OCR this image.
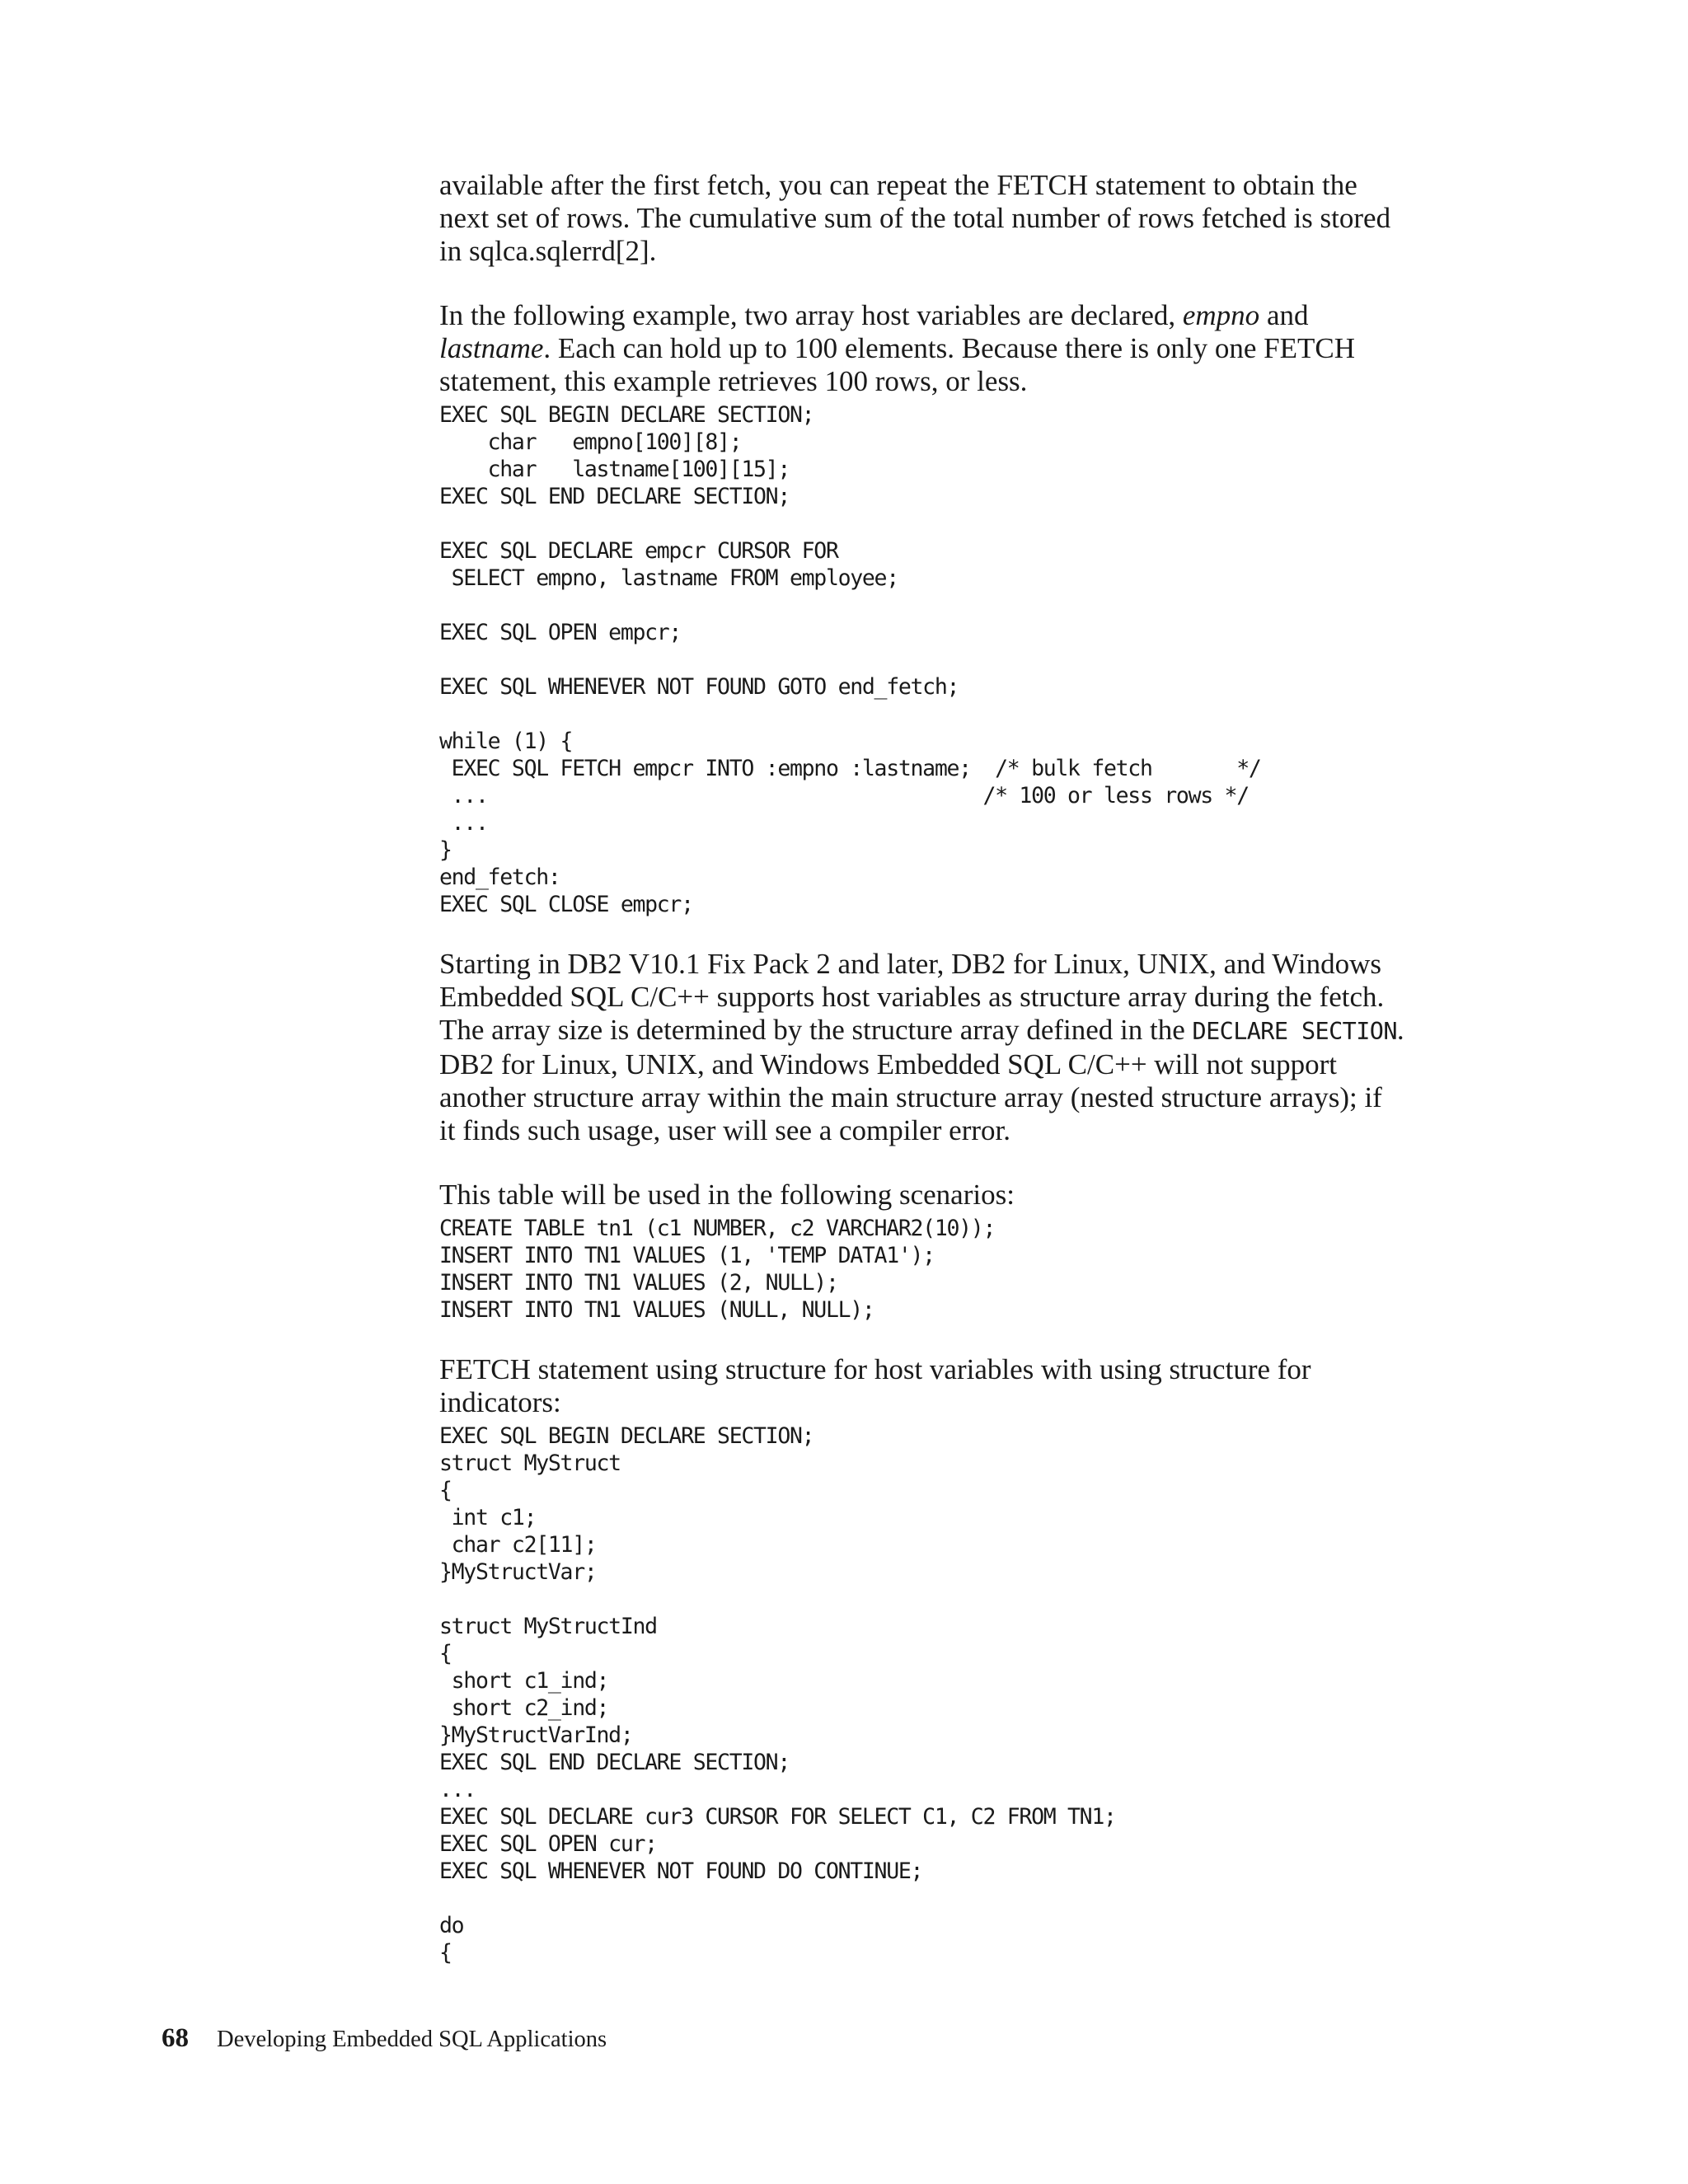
available after the first fetch, you can repeat the FETCH statement to obtain the
next set of rows. The cumulative sum of the total number of rows fetched is stored
in sqlca.sqlerrd[2].

In the following example, two array host variables are declared, empno and
lastname. Each can hold up to 100 elements. Because there is only one FETCH
statement, this example retrieves 100 rows, or less.

EXEC SQL BEGIN DECLARE SECTION;
char   empno[100][8];
char   lastname[100][15];
EXEC SQL END DECLARE SECTION;

EXEC SQL DECLARE empcr CURSOR FOR
SELECT empno, lastname FROM employee;

EXEC SQL OPEN empcr;

EXEC SQL WHENEVER NOT FOUND GOTO end_fetch;

while (1) {
EXEC SQL FETCH empcr INTO :empno :lastname;  /* bulk fetch       */
...                                         /* 100 or less rows */
...
}
end_fetch:
EXEC SQL CLOSE empcr;

Starting in DB2 V10.1 Fix Pack 2 and later, DB2 for Linux, UNIX, and Windows
Embedded SQL C/C++ supports host variables as structure array during the fetch.
The array size is determined by the structure array defined in the DECLARE SECTION.
DB2 for Linux, UNIX, and Windows Embedded SQL C/C++ will not support
another structure array within the main structure array (nested structure arrays); if
it finds such usage, user will see a compiler error.

This table will be used in the following scenarios:

CREATE TABLE tn1 (c1 NUMBER, c2 VARCHAR2(10));
INSERT INTO TN1 VALUES (1, 'TEMP DATA1');
INSERT INTO TN1 VALUES (2, NULL);
INSERT INTO TN1 VALUES (NULL, NULL);

FETCH statement using structure for host variables with using structure for
indicators:

EXEC SQL BEGIN DECLARE SECTION;
struct MyStruct
{
int c1;
char c2[11];
}MyStructVar;

struct MyStructInd
{
short c1_ind;
short c2_ind;
}MyStructVarInd;
EXEC SQL END DECLARE SECTION;
...
EXEC SQL DECLARE cur3 CURSOR FOR SELECT C1, C2 FROM TN1;
EXEC SQL OPEN cur;
EXEC SQL WHENEVER NOT FOUND DO CONTINUE;

do
{
68 Developing Embedded SQL Applications
